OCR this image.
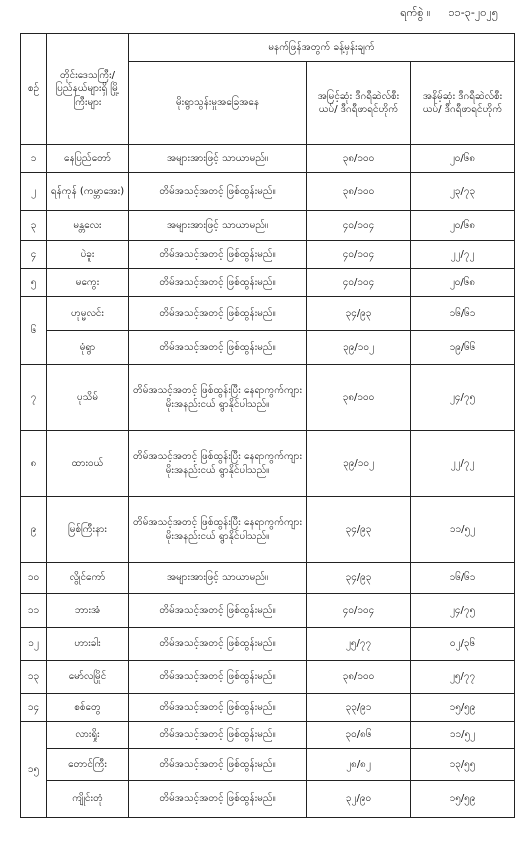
ရက်စွဲ ။ ၁၁-၃-၂၀၂၅
စဉ်	တိုင်းဒေသကြီး/ ပြည်နယ်များရှိ မြို့ကြီးများ	မနက်ဖြန်အတွက် ခန့်မှန်းချက်		
		မိုးရွာသွန်းမှုအခြေအနေ	အမြင့်ဆုံး ဒီဂရီဆဲလ်စီးယပ်/ ဒီဂရီဖာရင်ဟိုက်	အနိမ့်ဆုံး ဒီဂရီဆဲလ်စီးယပ်/ ဒီဂရီဖာရင်ဟိုက်
၁	နေပြည်တော်	အများအားဖြင့် သာယာမည်။	၃၈/၁၀၀	၂၀/၆၈
၂	ရန်ကုန် (ကမ္ဘာအေး)	တိမ်အသင့်အတင့် ဖြစ်ထွန်းမည်။	၃၈/၁၀၀	၂၃/၇၃
၃	မန္တလေး	အများအားဖြင့် သာယာမည်။	၄၀/၁၀၄	၂၀/၆၈
၄	ပဲခူး	တိမ်အသင့်အတင့် ဖြစ်ထွန်းမည်။	၄၀/၁၀၄	၂၂/၇၂
၅	မကွေး	တိမ်အသင့်အတင့် ဖြစ်ထွန်းမည်။	၄၀/၁၀၄	၂၀/၆၈
၆	ဟုမ္မလင်း	တိမ်အသင့်အတင့် ဖြစ်ထွန်းမည်။	၃၄/၉၃	၁၆/၆၁
	မုံရွာ	တိမ်အသင့်အတင့် ဖြစ်ထွန်းမည်။	၃၉/၁၀၂	၁၉/၆၆
၇	ပုသိမ်	တိမ်အသင့်အတင့် ဖြစ်ထွန်းပြီး နေရာကွက်ကျား မိုးအနည်းငယ် ရွာနိုင်ပါသည်။	၃၈/၁၀၀	၂၄/၇၅
၈	ထားဝယ်	တိမ်အသင့်အတင့် ဖြစ်ထွန်းပြီး နေရာကွက်ကျား မိုးအနည်းငယ် ရွာနိုင်ပါသည်။	၃၉/၁၀၂	၂၂/၇၂
၉	မြစ်ကြီးနား	တိမ်အသင့်အတင့် ဖြစ်ထွန်းပြီး နေရာကွက်ကျား မိုးအနည်းငယ် ရွာနိုင်ပါသည်။	၃၄/၉၃	၁၁/၅၂
၁၀	လွိုင်ကော်	အများအားဖြင့် သာယာမည်။	၃၄/၉၃	၁၆/၆၁
၁၁	ဘားအံ	တိမ်အသင့်အတင့် ဖြစ်ထွန်းမည်။	၄၀/၁၀၄	၂၄/၇၅
၁၂	ဟားခါး	တိမ်အသင့်အတင့် ဖြစ်ထွန်းမည်။	၂၅/၇၇	၀၂/၃၆
၁၃	မော်လမြိုင်	တိမ်အသင့်အတင့် ဖြစ်ထွန်းမည်။	၃၈/၁၀၀	၂၅/၇၇
၁၄	စစ်တွေ	တိမ်အသင့်အတင့် ဖြစ်ထွန်းမည်။	၃၃/၉၁	၁၅/၅၉
၁၅	လားရှိုး	တိမ်အသင့်အတင့် ဖြစ်ထွန်းမည်။	၃၀/၈၆	၁၁/၅၂
	တောင်ကြီး	တိမ်အသင့်အတင့် ဖြစ်ထွန်းမည်။	၂၈/၈၂	၁၃/၅၅
	ကျိုင်းတုံ	တိမ်အသင့်အတင့် ဖြစ်ထွန်းမည်။	၃၂/၉၀	၁၅/၅၉
